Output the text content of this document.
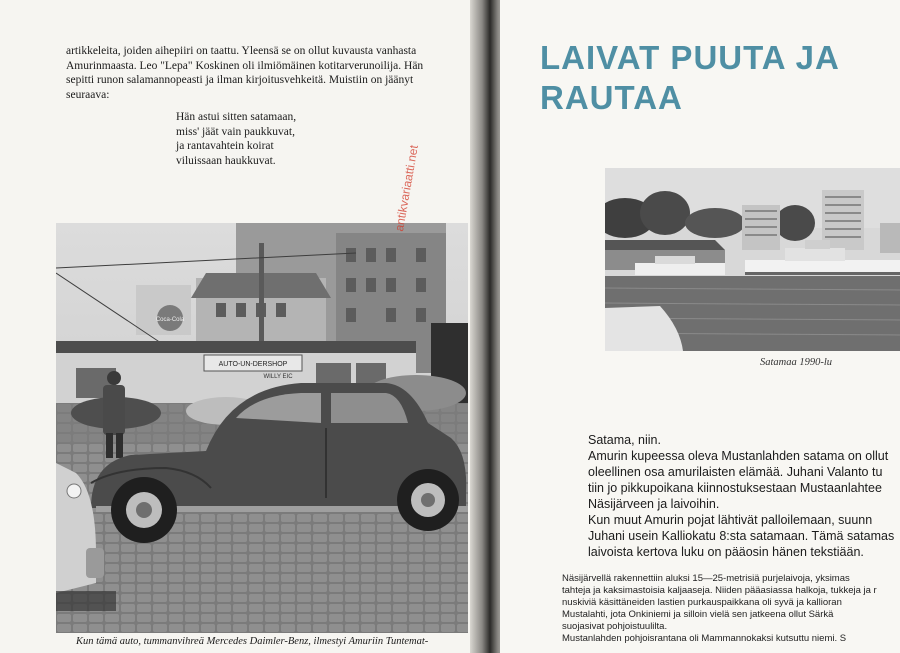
artikkeleita, joiden aihepiiri on taattu. Yleensä se on ollut kuvausta vanhasta
Amurinmaasta. Leo "Lepa" Koskinen oli ilmiömäinen kotitarverunoilija. Hän
sepitti runon salamannopeasti ja ilman kirjoitusvehkeitä. Muistiin on jäänyt
seuraava:
Hän astui sitten satamaan,
miss' jäät vain paukkuvat,
ja rantavahtein koirat
viluissaan haukkuvat.
Coca-Cola
AUTO-UN-DERSHOP
WILLY EIC
Kun tämä auto, tummanvihreä Mercedes Daimler-Benz, ilmestyi Amuriin Tuntemat-
LAIVAT PUUTA JA
RAUTAA
Satamaa 1990-lu
Satama, niin.
Amurin kupeessa oleva Mustanlahden satama on ollut
oleellinen osa amurilaisten elämää. Juhani Valanto tu
tiin jo pikkupoikana kiinnostuksestaan Mustaanlahtee
Näsijärveen ja laivoihin.
Kun muut Amurin pojat lähtivät palloilemaan, suunn
Juhani usein Kalliokatu 8:sta satamaan. Tämä satamas
laivoista kertova luku on pääosin hänen tekstiään.
Näsijärvellä rakennettiin aluksi 15—25-metrisiä purjelaivoja, yksimas
tahteja ja kaksimastoisia kaljaaseja. Niiden pääasiassa halkoja, tukkeja ja r
nuskiviä käsittäneiden lastien purkauspaikkana oli syvä ja kallioran
Mustalahti, jota Onkiniemi ja silloin vielä sen jatkeena ollut Särkä
suojasivat pohjoistuulilta.
Mustanlahden pohjoisrantana oli Mammannokaksi kutsuttu niemi. S
antikvariaatti.net
